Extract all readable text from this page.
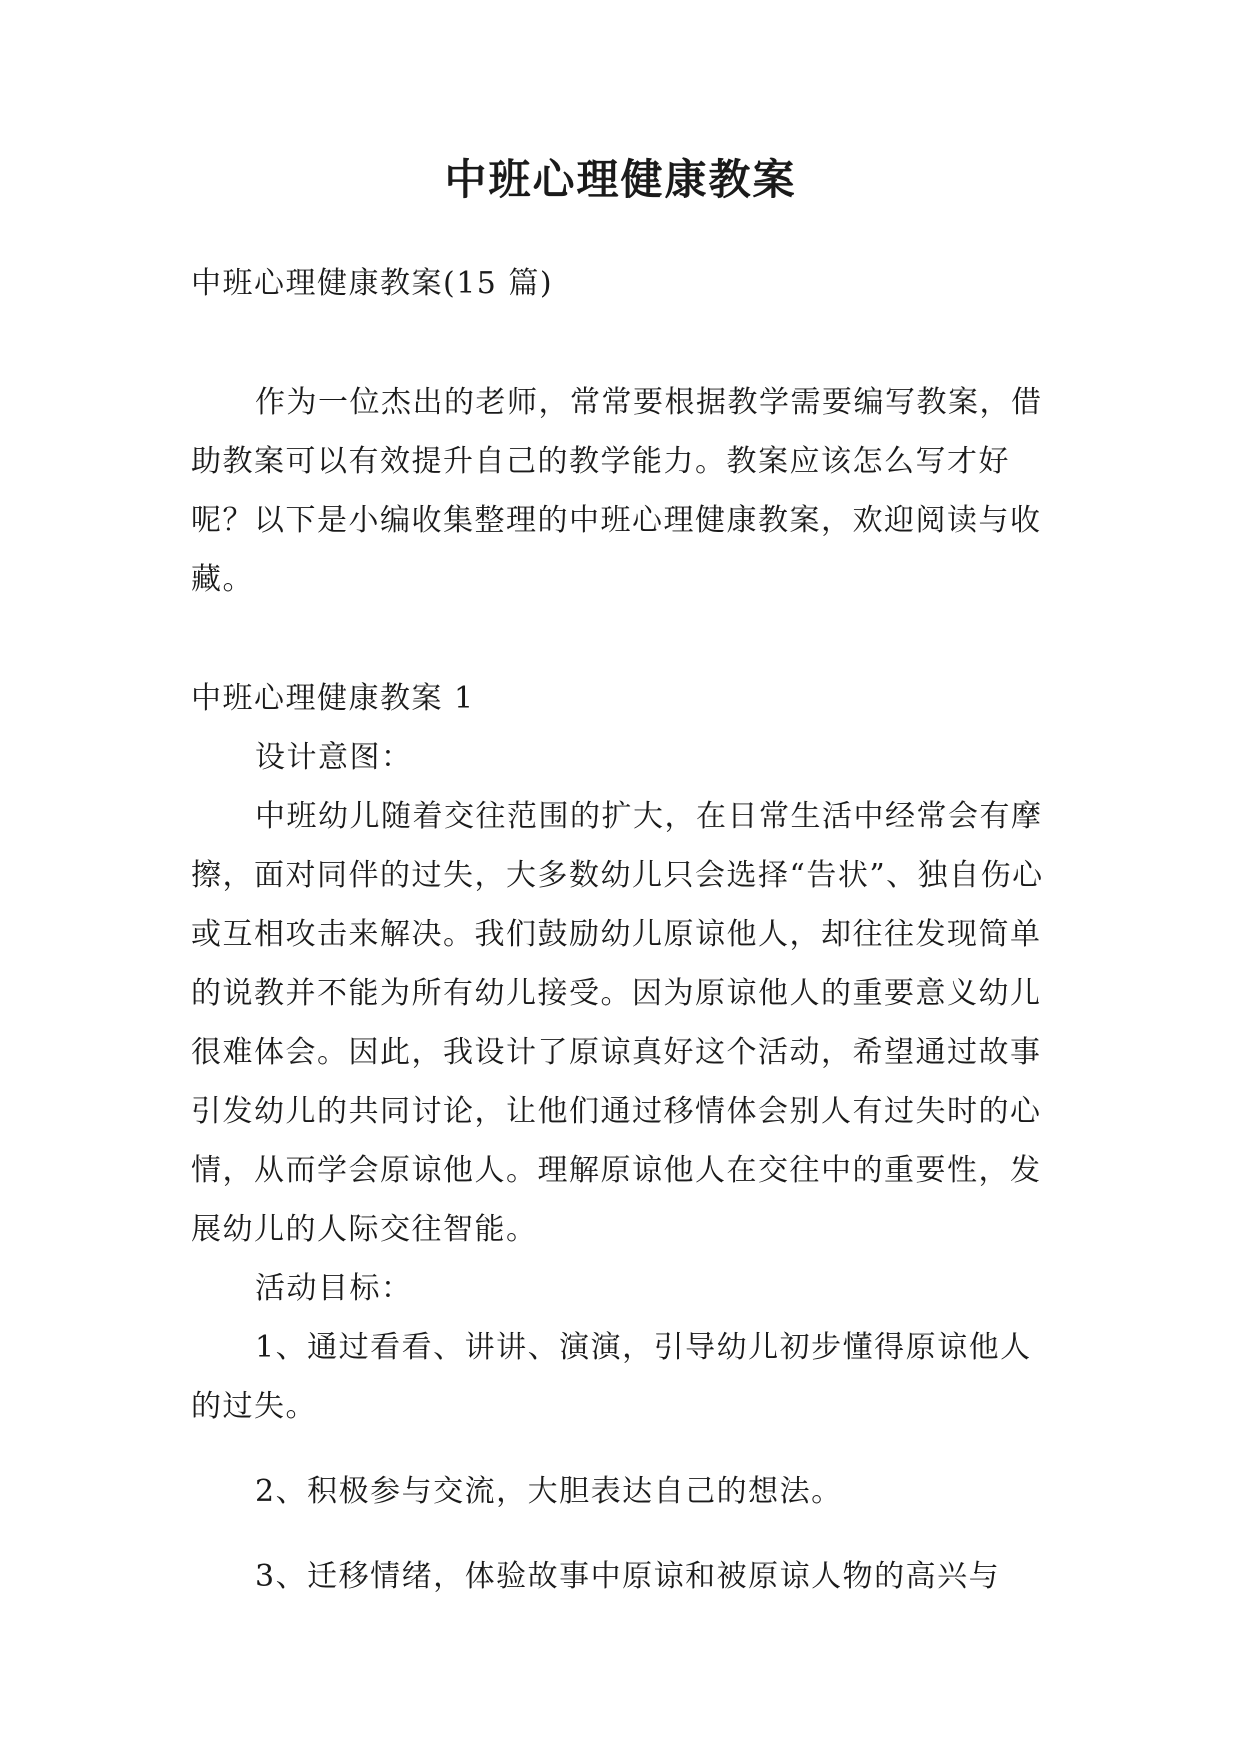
中班心理健康教案

中班心理健康教案(15 篇)

作为一位杰出的老师，常常要根据教学需要编写教案，借助教案可以有效提升自己的教学能力。教案应该怎么写才好呢？以下是小编收集整理的中班心理健康教案，欢迎阅读与收藏。

中班心理健康教案 1

设计意图：

中班幼儿随着交往范围的扩大，在日常生活中经常会有摩擦，面对同伴的过失，大多数幼儿只会选择“告状”、独自伤心或互相攻击来解决。我们鼓励幼儿原谅他人，却往往发现简单的说教并不能为所有幼儿接受。因为原谅他人的重要意义幼儿很难体会。因此，我设计了原谅真好这个活动，希望通过故事引发幼儿的共同讨论，让他们通过移情体会别人有过失时的心情，从而学会原谅他人。理解原谅他人在交往中的重要性，发展幼儿的人际交往智能。

活动目标：

1、通过看看、讲讲、演演，引导幼儿初步懂得原谅他人的过失。

2、积极参与交流，大胆表达自己的想法。

3、迁移情绪，体验故事中原谅和被原谅人物的高兴与
